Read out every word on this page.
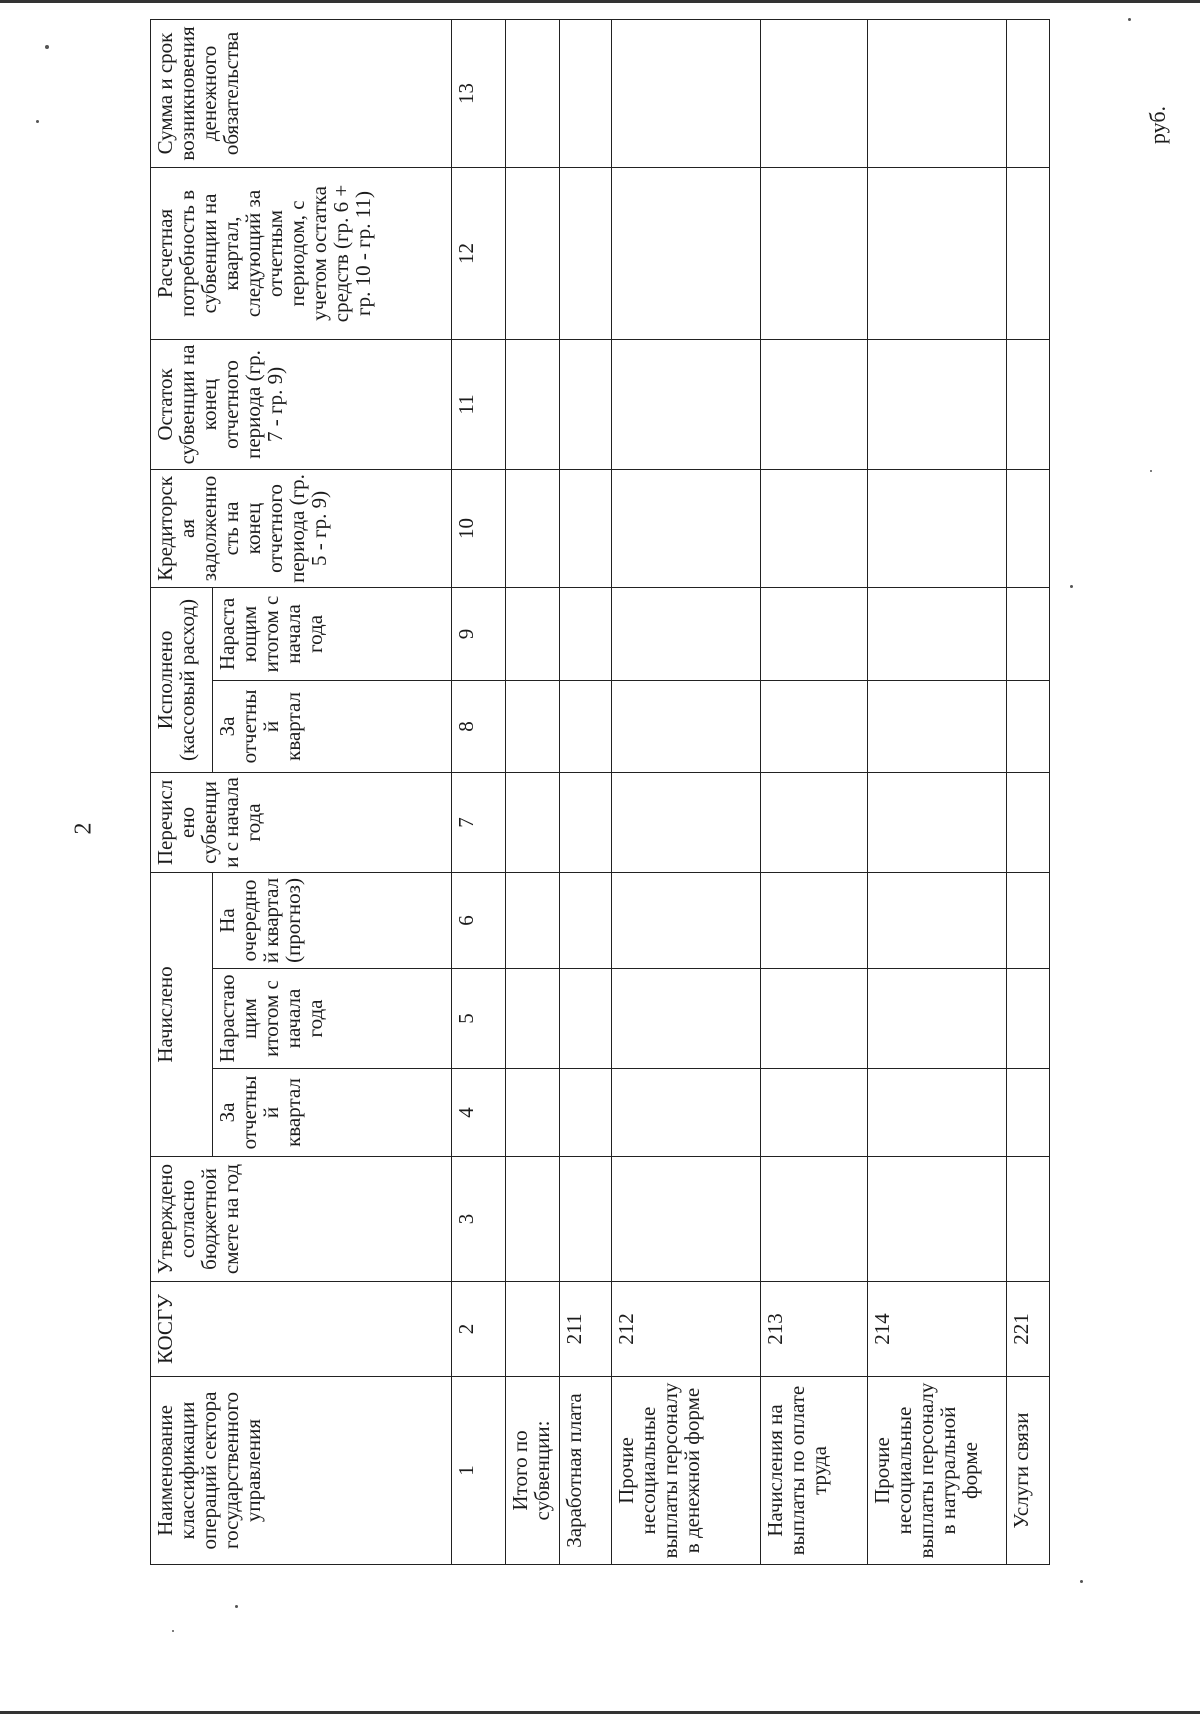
2
руб.
Наименование классификации операций сектора государственного управления	КОСГУ	Утверждено согласно бюджетной смете на год	Начислено			Перечислено субвенции с начала года	Исполнено (кассовый расход)		Кредиторская задолженность на конец отчетного периода (гр. 5 - гр. 9)	Остаток субвенции на конец отчетного периода (гр. 7 - гр. 9)	Расчетная потребность в субвенции на квартал, следующий за отчетным периодом, с учетом остатка средств (гр. 6 + гр. 10 - гр. 11)	Сумма и срок возникновения денежного обязательства
			За отчетный квартал	Нарастающим итогом с начала года	На очередной квартал (прогноз)		За отчетный квартал	Нарастающим итогом с начала года				
1	2	3	4	5	6	7	8	9	10	11	12	13
Итого по субвенции:												
Заработная плата	211											
Прочие несоциальные выплаты персоналу в денежной форме	212											
Начисления на выплаты по оплате труда	213											
Прочие несоциальные выплаты персоналу в натуральной форме	214											
Услуги связи	221											
